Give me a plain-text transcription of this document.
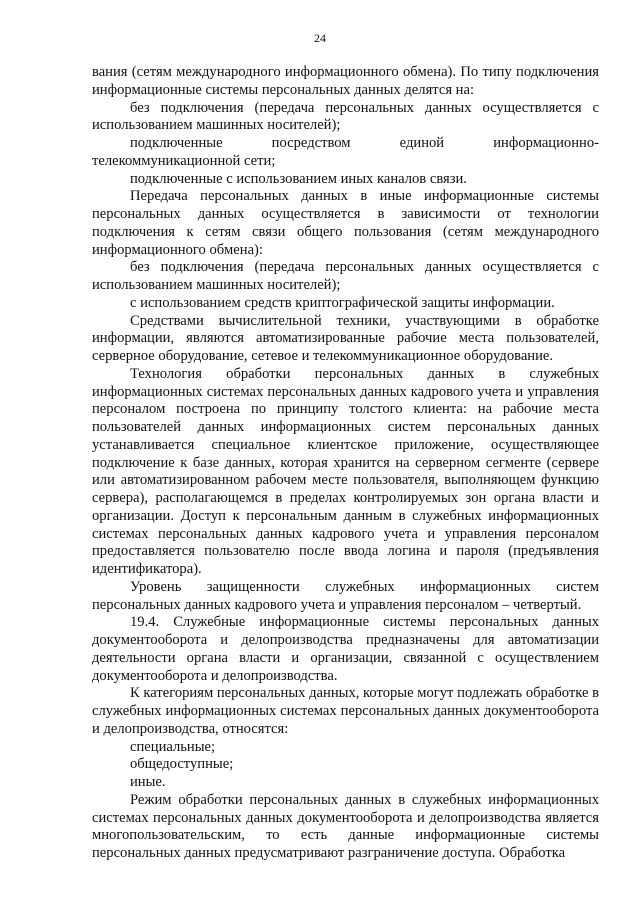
24

вания (сетям международного информационного обмена). По типу подключения информационные системы персональных данных делятся на:

без подключения (передача персональных данных осуществляется с использованием машинных носителей);

подключенные посредством единой информационно-телекоммуникационной сети;

подключенные с использованием иных каналов связи.

Передача персональных данных в иные информационные системы персональных данных осуществляется в зависимости от технологии подключения к сетям связи общего пользования (сетям международного информационного обмена):

без подключения (передача персональных данных осуществляется с использованием машинных носителей);

с использованием средств криптографической защиты информации.

Средствами вычислительной техники, участвующими в обработке информации, являются автоматизированные рабочие места пользователей, серверное оборудование, сетевое и телекоммуникационное оборудование.

Технология обработки персональных данных в служебных информационных системах персональных данных кадрового учета и управления персоналом построена по принципу толстого клиента: на рабочие места пользователей данных информационных систем персональных данных устанавливается специальное клиентское приложение, осуществляющее подключение к базе данных, которая хранится на серверном сегменте (сервере или автоматизированном рабочем месте пользователя, выполняющем функцию сервера), располагающемся в пределах контролируемых зон органа власти и организации. Доступ к персональным данным в служебных информационных системах персональных данных кадрового учета и управления персоналом предоставляется пользователю после ввода логина и пароля (предъявления идентификатора).

Уровень защищенности служебных информационных систем персональных данных кадрового учета и управления персоналом – четвертый.

19.4. Служебные информационные системы персональных данных документооборота и делопроизводства предназначены для автоматизации деятельности органа власти и организации, связанной с осуществлением документооборота и делопроизводства.

К категориям персональных данных, которые могут подлежать обработке в служебных информационных системах персональных данных документооборота и делопроизводства, относятся:

специальные;

общедоступные;

иные.

Режим обработки персональных данных в служебных информационных системах персональных данных документооборота и делопроизводства является многопользовательским, то есть данные информационные системы персональных данных предусматривают разграничение доступа. Обработка
